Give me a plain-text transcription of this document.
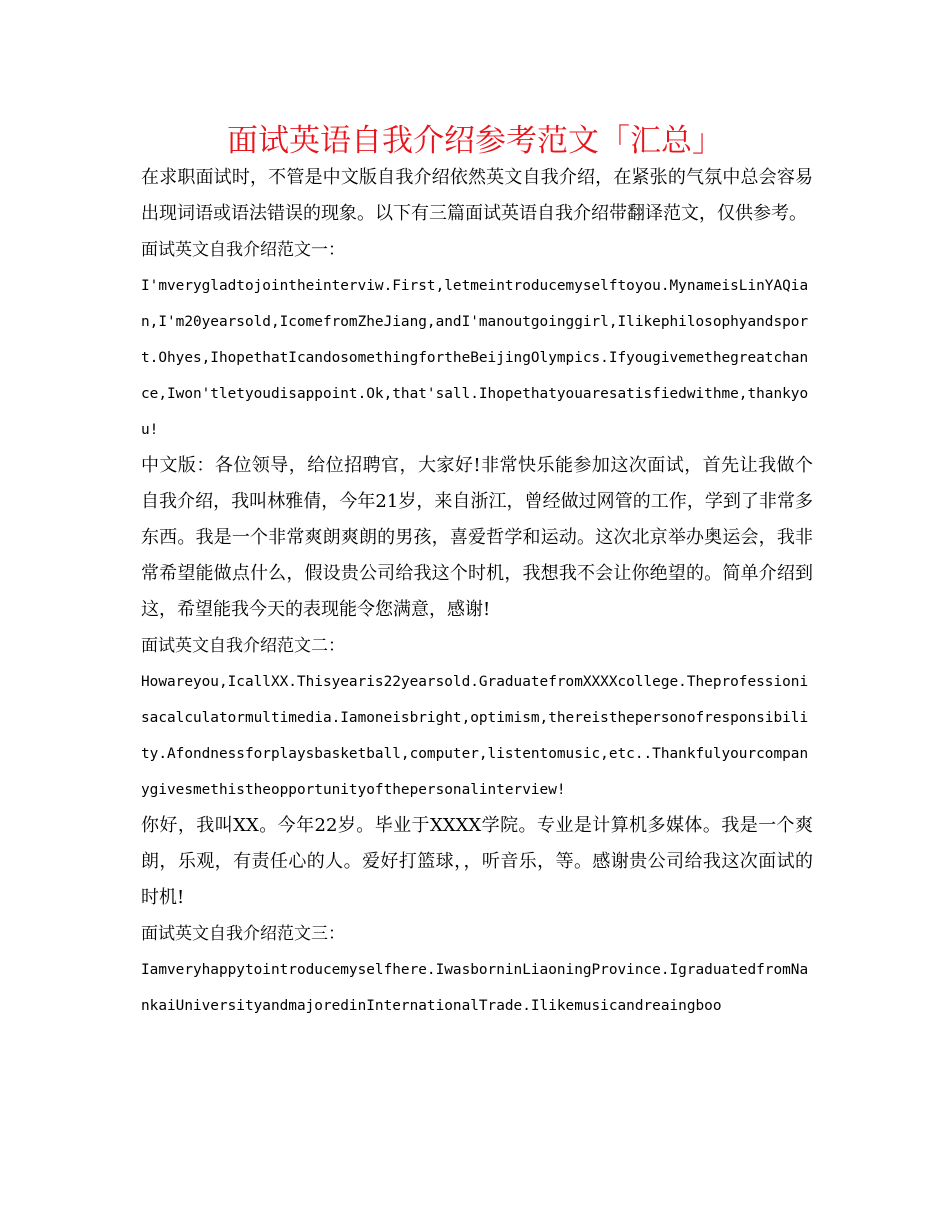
面试英语自我介绍参考范文「汇总」

在求职面试时，不管是中文版自我介绍依然英文自我介绍，在紧张的气氛中总会容易出现词语或语法错误的现象。以下有三篇面试英语自我介绍带翻译范文，仅供参考。

面试英文自我介绍范文一：

I'mverygladtojointheinterviw.First,letmeintroducemyselftoyou.MynameisLinYAQian,I'm20yearsold,IcomefromZheJiang,andI'manoutgoinggirl,Ilikephilosophyandsport.Ohyes,IhopethatIcandosomethingfortheBeijingOlympics.Ifyougivemethegreatchance,Iwon'tletyoudisappoint.Ok,that'sall.Ihopethatyouaresatisfiedwithme,thankyou!

中文版：各位领导，给位招聘官，大家好!非常快乐能参加这次面试，首先让我做个自我介绍，我叫林雅倩，今年21岁，来自浙江，曾经做过网管的工作，学到了非常多东西。我是一个非常爽朗爽朗的男孩，喜爱哲学和运动。这次北京举办奥运会，我非常希望能做点什么，假设贵公司给我这个时机，我想我不会让你绝望的。简单介绍到这，希望能我今天的表现能令您满意，感谢!

面试英文自我介绍范文二：

Howareyou,IcallXX.Thisyearis22yearsold.GraduatefromXXXXcollege.Theprofessionisacalculatormultimedia.Iamoneisbright,optimism,thereisthepersonofresponsibility.Afondnessforplaysbasketball,computer,listentomusic,etc..Thankfulyourcompanygivesmethistheopportunityofthepersonalinterview!

你好，我叫XX。今年22岁。毕业于XXXX学院。专业是计算机多媒体。我是一个爽朗，乐观，有责任心的人。爱好打篮球，，听音乐，等。感谢贵公司给我这次面试的时机!

面试英文自我介绍范文三：

Iamveryhappytointroducemyselfhere.IwasborninLiaoningProvince.IgraduatedfromNankaiUniversityandmajoredinInternationalTrade.Ilikemusicandreaingboo
